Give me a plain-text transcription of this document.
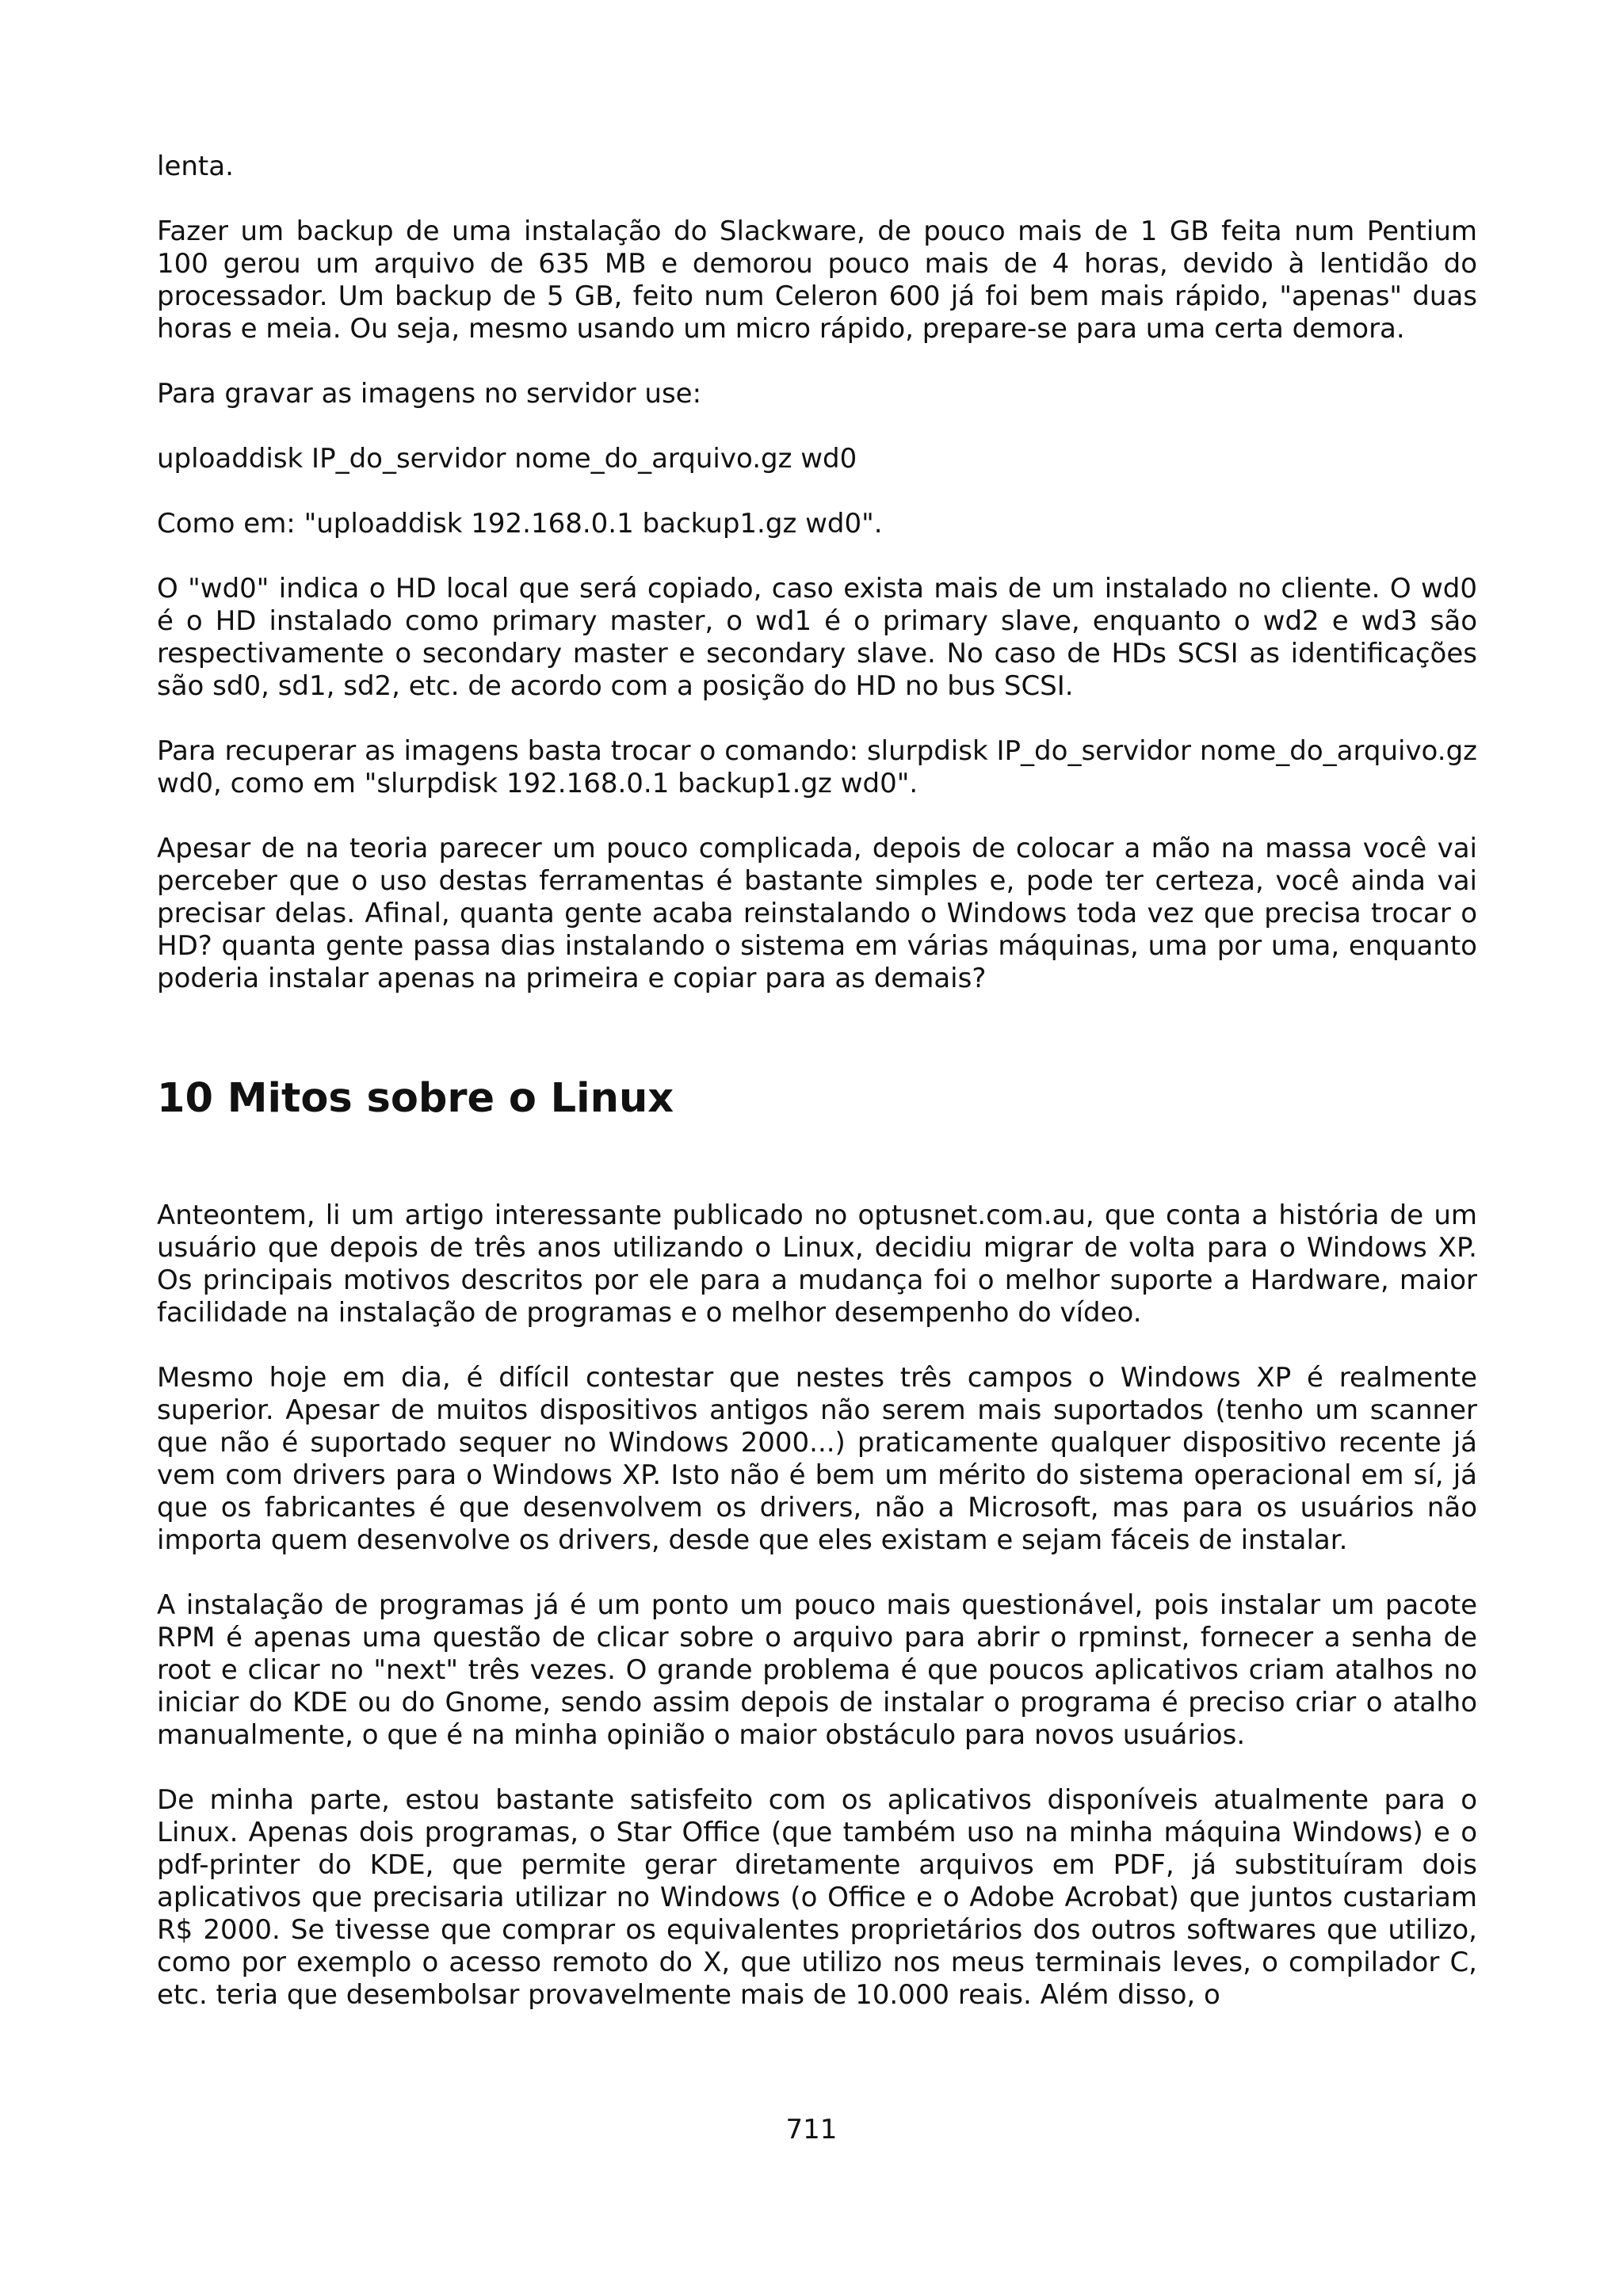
lenta.

Fazer um backup de uma instalação do Slackware, de pouco mais de 1 GB feita num Pentium 100 gerou um arquivo de 635 MB e demorou pouco mais de 4 horas, devido à lentidão do processador. Um backup de 5 GB, feito num Celeron 600 já foi bem mais rápido, "apenas" duas horas e meia. Ou seja, mesmo usando um micro rápido, prepare-se para uma certa demora.

Para gravar as imagens no servidor use:

uploaddisk IP_do_servidor nome_do_arquivo.gz wd0

Como em: "uploaddisk 192.168.0.1 backup1.gz wd0".

O "wd0" indica o HD local que será copiado, caso exista mais de um instalado no cliente. O wd0 é o HD instalado como primary master, o wd1 é o primary slave, enquanto o wd2 e wd3 são respectivamente o secondary master e secondary slave. No caso de HDs SCSI as identificações são sd0, sd1, sd2, etc. de acordo com a posição do HD no bus SCSI.

Para recuperar as imagens basta trocar o comando: slurpdisk IP_do_servidor nome_do_arquivo.gz wd0, como em "slurpdisk 192.168.0.1 backup1.gz wd0".

Apesar de na teoria parecer um pouco complicada, depois de colocar a mão na massa você vai perceber que o uso destas ferramentas é bastante simples e, pode ter certeza, você ainda vai precisar delas. Afinal, quanta gente acaba reinstalando o Windows toda vez que precisa trocar o HD? quanta gente passa dias instalando o sistema em várias máquinas, uma por uma, enquanto poderia instalar apenas na primeira e copiar para as demais?

10 Mitos sobre o Linux

Anteontem, li um artigo interessante publicado no optusnet.com.au, que conta a história de um usuário que depois de três anos utilizando o Linux, decidiu migrar de volta para o Windows XP. Os principais motivos descritos por ele para a mudança foi o melhor suporte a Hardware, maior facilidade na instalação de programas e o melhor desempenho do vídeo.

Mesmo hoje em dia, é difícil contestar que nestes três campos o Windows XP é realmente superior. Apesar de muitos dispositivos antigos não serem mais suportados (tenho um scanner que não é suportado sequer no Windows 2000...) praticamente qualquer dispositivo recente já vem com drivers para o Windows XP. Isto não é bem um mérito do sistema operacional em sí, já que os fabricantes é que desenvolvem os drivers, não a Microsoft, mas para os usuários não importa quem desenvolve os drivers, desde que eles existam e sejam fáceis de instalar.

A instalação de programas já é um ponto um pouco mais questionável, pois instalar um pacote RPM é apenas uma questão de clicar sobre o arquivo para abrir o rpminst, fornecer a senha de root e clicar no "next" três vezes. O grande problema é que poucos aplicativos criam atalhos no iniciar do KDE ou do Gnome, sendo assim depois de instalar o programa é preciso criar o atalho manualmente, o que é na minha opinião o maior obstáculo para novos usuários.

De minha parte, estou bastante satisfeito com os aplicativos disponíveis atualmente para o Linux. Apenas dois programas, o Star Office (que também uso na minha máquina Windows) e o pdf-printer do KDE, que permite gerar diretamente arquivos em PDF, já substituíram dois aplicativos que precisaria utilizar no Windows (o Office e o Adobe Acrobat) que juntos custariam R$ 2000. Se tivesse que comprar os equivalentes proprietários dos outros softwares que utilizo, como por exemplo o acesso remoto do X, que utilizo nos meus terminais leves, o compilador C, etc. teria que desembolsar provavelmente mais de 10.000 reais. Além disso, o

711
